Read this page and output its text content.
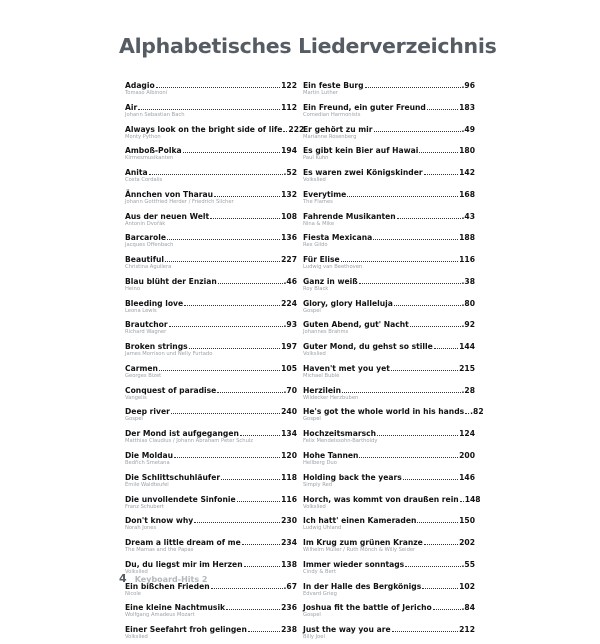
Alphabetisches Liederverzeichnis
Adagio	122
Tomaso Albinoni
Air	112
Johann Sebastian Bach
Always look on the bright side of life 222
Monty Python
Amboß-Polka	194
Kirmesmusikanten
Anita	.52
Costa Cordalis
Ännchen von Tharau	132
Johann Gottfried Herder / Friedrich Silcher
Aus der neuen Welt	108
Antonín Dvořák
Barcarole	136
Jacques Offenbach
Beautiful	227
Christina Aguilera
Blau blüht der Enzian	.46
Heino
Bleeding love	224
Leona Lewis
Brautchor	.93
Richard Wagner
Broken strings	197
James Morrison und Nelly Furtado
Carmen	105
Georges Bizet
Conquest of paradise	.70
Vangelis
Deep river	240
Gospel
Der Mond ist aufgegangen	134
Matthias Claudius / Johann Abraham Peter Schulz
Die Moldau	120
Bedřich Smetana
Die Schlittschuhläufer	118
Émile Waldteufel
Die unvollendete Sinfonie	116
Franz Schubert
Don't know why	230
Norah Jones
Dream a little dream of me	234
The Mamas and the Papas
Du, du liegst mir im Herzen	138
Volkslied
Ein bißchen Frieden	.67
Nicole
Eine kleine Nachtmusik	236
Wolfgang Amadeus Mozart
Einer Seefahrt froh gelingen	238
Volkslied
Ein feste Burg	.96
Martin Luther
Ein Freund, ein guter Freund	183
Comedian Harmonists
Er gehört zu mir	.49
Marianne Rosenberg
Es gibt kein Bier auf Hawai	180
Paul Kuhn
Es waren zwei Königskinder	142
Volkslied
Everytime	168
The Flames
Fahrende Musikanten	.43
Nina & Mike
Fiesta Mexicana	188
Rex Gildo
Für Elise	116
Ludwig van Beethoven
Ganz in weiß	.38
Roy Black
Glory, glory Halleluja	.80
Gospel
Guten Abend, gut' Nacht	.92
Johannes Brahms
Guter Mond, du gehst so stille	144
Volkslied
Haven't met you yet	215
Michael Bublé
Herzilein	.28
Wildecker Herzbuben
He's got the whole world in his hands .82
Gospel
Hochzeitsmarsch	124
Felix Mendelssohn-Bartholdy
Hohe Tannen	200
Hellberg Duo
Holding back the years	146
Simply Red
Horch, was kommt von draußen rein 148
Volkslied
Ich hatt' einen Kameraden	150
Ludwig Uhland
Im Krug zum grünen Kranze	202
Wilhelm Müller / Ruth Mönch & Willy Seider
Immer wieder sonntags	.55
Cindy & Bert
In der Halle des Bergkönigs	102
Edvard Grieg
Joshua fit the battle of Jericho	.84
Gospel
Just the way you are	212
Billy Joel
4 Keyboard-Hits 2
